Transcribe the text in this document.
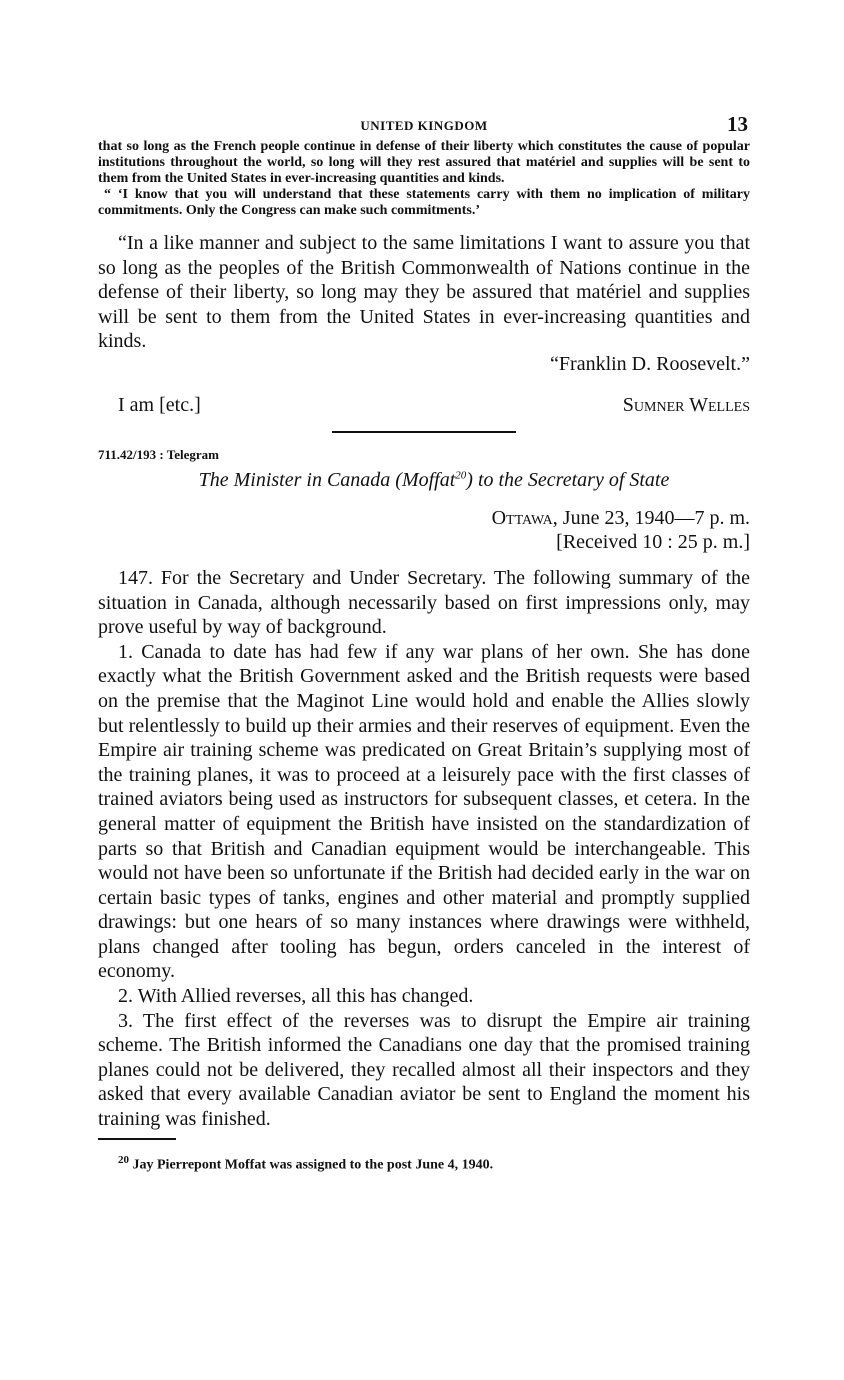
UNITED KINGDOM	13

that so long as the French people continue in defense of their liberty which constitutes the cause of popular institutions throughout the world, so long will they rest assured that matériel and supplies will be sent to them from the United States in ever-increasing quantities and kinds.

“ ‘I know that you will understand that these statements carry with them no implication of military commitments. Only the Congress can make such commitments.’

“In a like manner and subject to the same limitations I want to assure you that so long as the peoples of the British Commonwealth of Nations continue in the defense of their liberty, so long may they be assured that matériel and supplies will be sent to them from the United States in ever-increasing quantities and kinds.

“Franklin D. Roosevelt.”

I am [etc.]	Sumner Welles
711.42/193 : Telegram
The Minister in Canada (Moffat$^{20}$) to the Secretary of State
Ottawa, June 23, 1940—7 p. m.
[Received 10 : 25 p. m.]

147. For the Secretary and Under Secretary. The following summary of the situation in Canada, although necessarily based on first impressions only, may prove useful by way of background.

1. Canada to date has had few if any war plans of her own. She has done exactly what the British Government asked and the British requests were based on the premise that the Maginot Line would hold and enable the Allies slowly but relentlessly to build up their armies and their reserves of equipment. Even the Empire air training scheme was predicated on Great Britain’s supplying most of the training planes, it was to proceed at a leisurely pace with the first classes of trained aviators being used as instructors for subsequent classes, et cetera. In the general matter of equipment the British have insisted on the standardization of parts so that British and Canadian equipment would be interchangeable. This would not have been so unfortunate if the British had decided early in the war on certain basic types of tanks, engines and other material and promptly supplied drawings: but one hears of so many instances where drawings were withheld, plans changed after tooling has begun, orders canceled in the interest of economy.

2. With Allied reverses, all this has changed.

3. The first effect of the reverses was to disrupt the Empire air training scheme. The British informed the Canadians one day that the promised training planes could not be delivered, they recalled almost all their inspectors and they asked that every available Canadian aviator be sent to England the moment his training was finished.

$^{20}$ Jay Pierrepont Moffat was assigned to the post June 4, 1940.
